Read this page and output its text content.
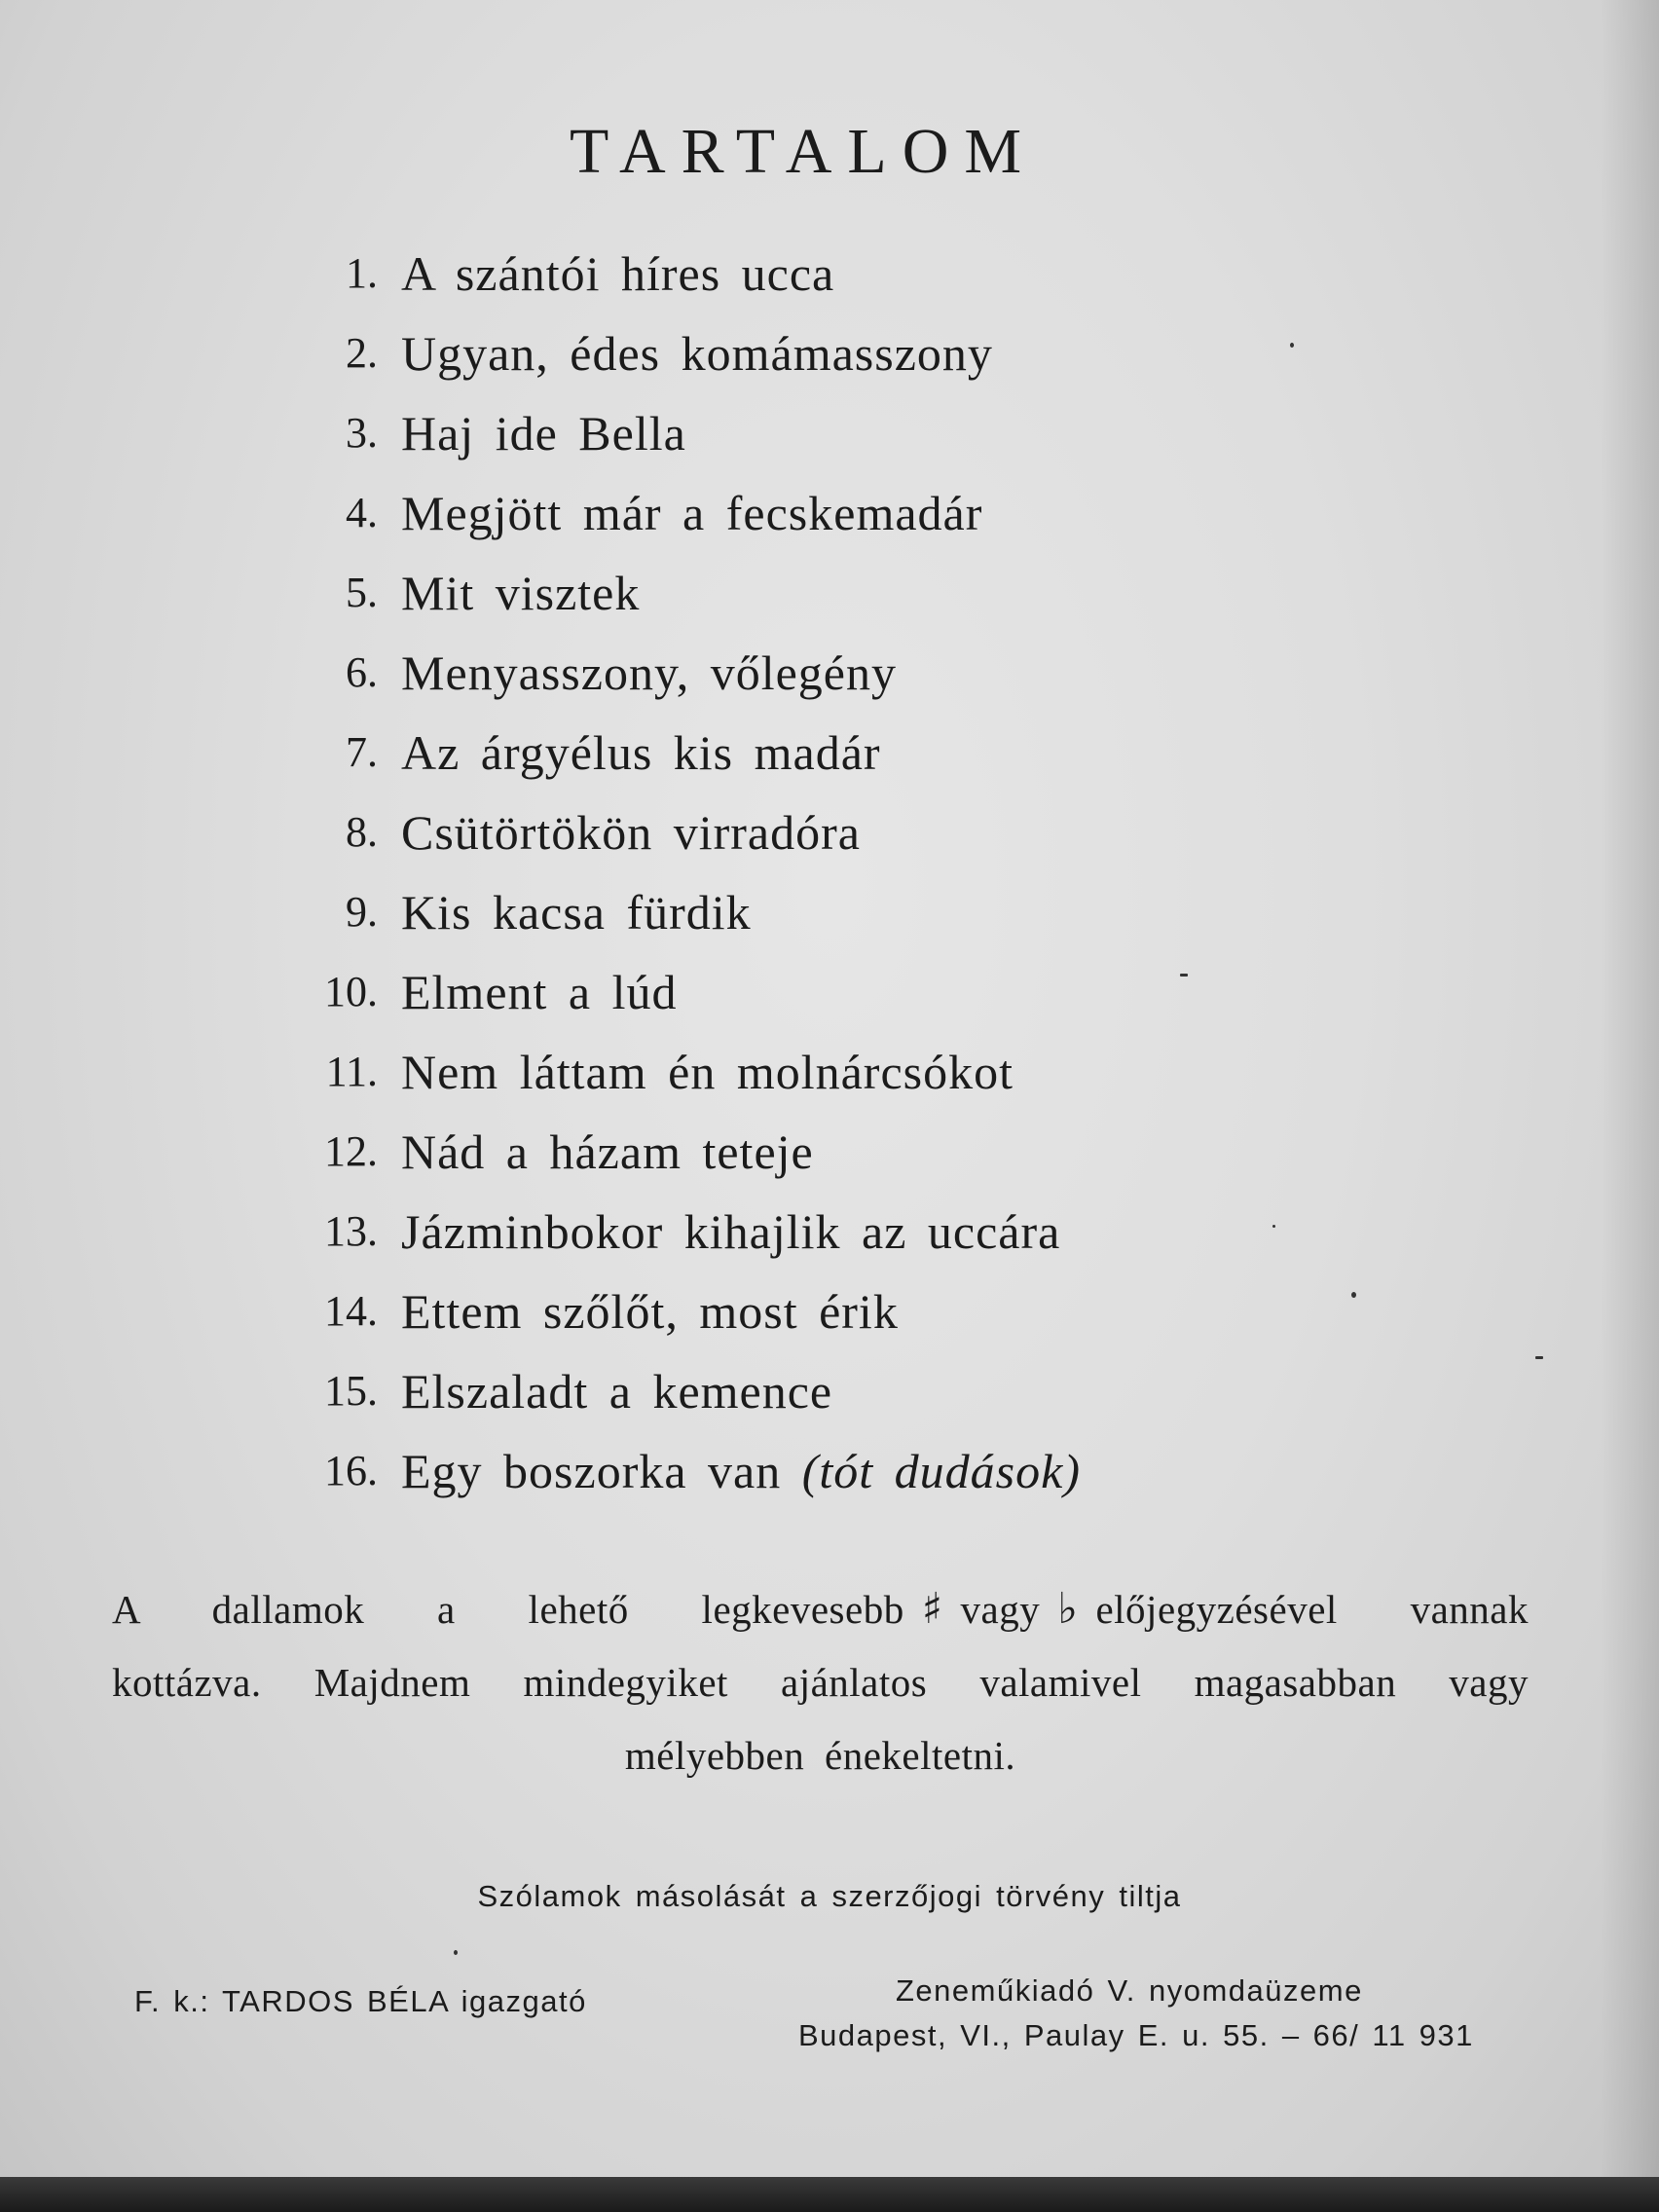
TARTALOM
1. A szántói híres ucca
2. Ugyan, édes komámasszony
3. Haj ide Bella
4. Megjött már a fecskemadár
5. Mit visztek
6. Menyasszony, vőlegény
7. Az árgyélus kis madár
8. Csütörtökön virradóra
9. Kis kacsa fürdik
10. Elment a lúd
11. Nem láttam én molnárcsókot
12. Nád a házam teteje
13. Jázminbokor kihajlik az uccára
14. Ettem szőlőt, most érik
15. Elszaladt a kemence
16. Egy boszorka van (tót dudások)
A dallamok a lehető legkevesebb ♯ vagy ♭ előjegyzésével vannak
kottázva. Majdnem mindegyiket ajánlatos valamivel magasabban vagy
mélyebben énekeltetni.
Szólamok másolását a szerzőjogi törvény tiltja
F. k.: TARDOS BÉLA igazgató	Zeneműkiadó V. nyomdaüzeme
Budapest, VI., Paulay E. u. 55. – 66/ 11 931
